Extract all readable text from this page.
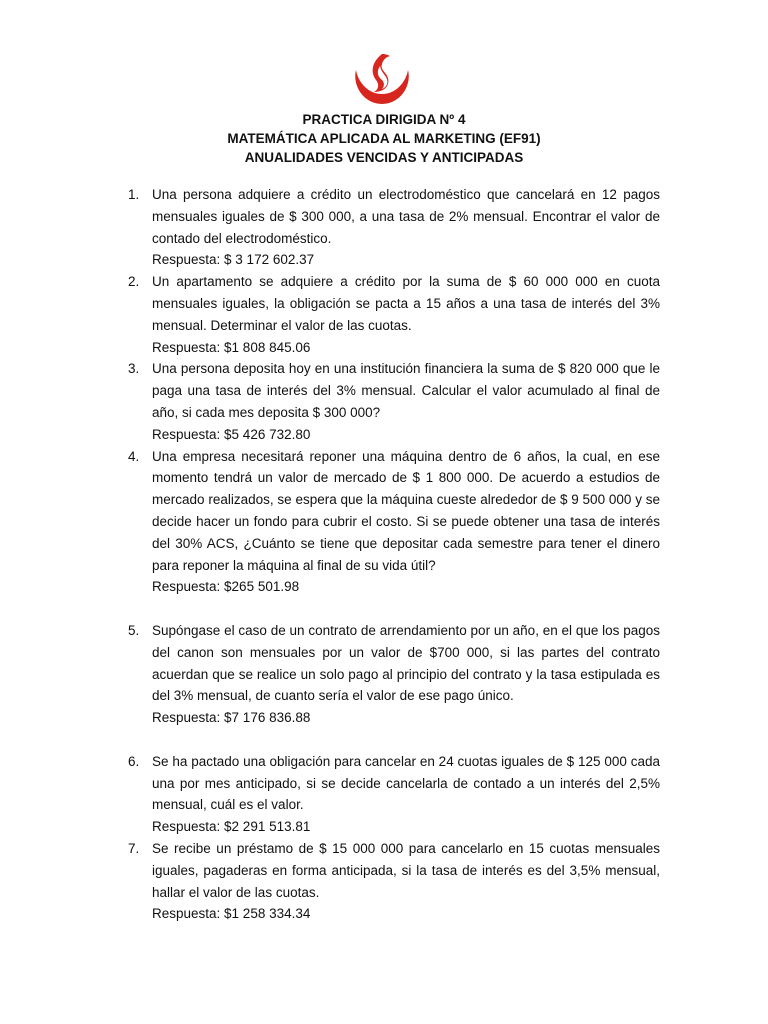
PRACTICA DIRIGIDA Nº 4
MATEMÁTICA APLICADA AL MARKETING (EF91)
ANUALIDADES VENCIDAS Y ANTICIPADAS
1. Una persona adquiere a crédito un electrodoméstico que cancelará en 12 pagos mensuales iguales de $ 300 000, a una tasa de 2% mensual. Encontrar el valor de contado del electrodoméstico.
Respuesta: $ 3 172 602.37
2. Un apartamento se adquiere a crédito por la suma de $ 60 000 000 en cuota mensuales iguales, la obligación se pacta a 15 años a una tasa de interés del 3% mensual. Determinar el valor de las cuotas.
Respuesta: $1 808 845.06
3. Una persona deposita hoy en una institución financiera la suma de $ 820 000 que le paga una tasa de interés del 3% mensual. Calcular el valor acumulado al final de año, si cada mes deposita $ 300 000?
Respuesta: $5 426 732.80
4. Una empresa necesitará reponer una máquina dentro de 6 años, la cual, en ese momento tendrá un valor de mercado de $ 1 800 000. De acuerdo a estudios de mercado realizados, se espera que la máquina cueste alrededor de $ 9 500 000 y se decide hacer un fondo para cubrir el costo. Si se puede obtener una tasa de interés del 30% ACS, ¿Cuánto se tiene que depositar cada semestre para tener el dinero para reponer la máquina al final de su vida útil?
Respuesta: $265 501.98
5. Supóngase el caso de un contrato de arrendamiento por un año, en el que los pagos del canon son mensuales por un valor de $700 000, si las partes del contrato acuerdan que se realice un solo pago al principio del contrato y la tasa estipulada es del 3% mensual, de cuanto sería el valor de ese pago único.
Respuesta: $7 176 836.88
6. Se ha pactado una obligación para cancelar en 24 cuotas iguales de $ 125 000 cada una por mes anticipado, si se decide cancelarla de contado a un interés del 2,5% mensual, cuál es el valor.
Respuesta: $2 291 513.81
7. Se recibe un préstamo de $ 15 000 000 para cancelarlo en 15 cuotas mensuales iguales, pagaderas en forma anticipada, si la tasa de interés es del 3,5% mensual, hallar el valor de las cuotas.
Respuesta: $1 258 334.34
